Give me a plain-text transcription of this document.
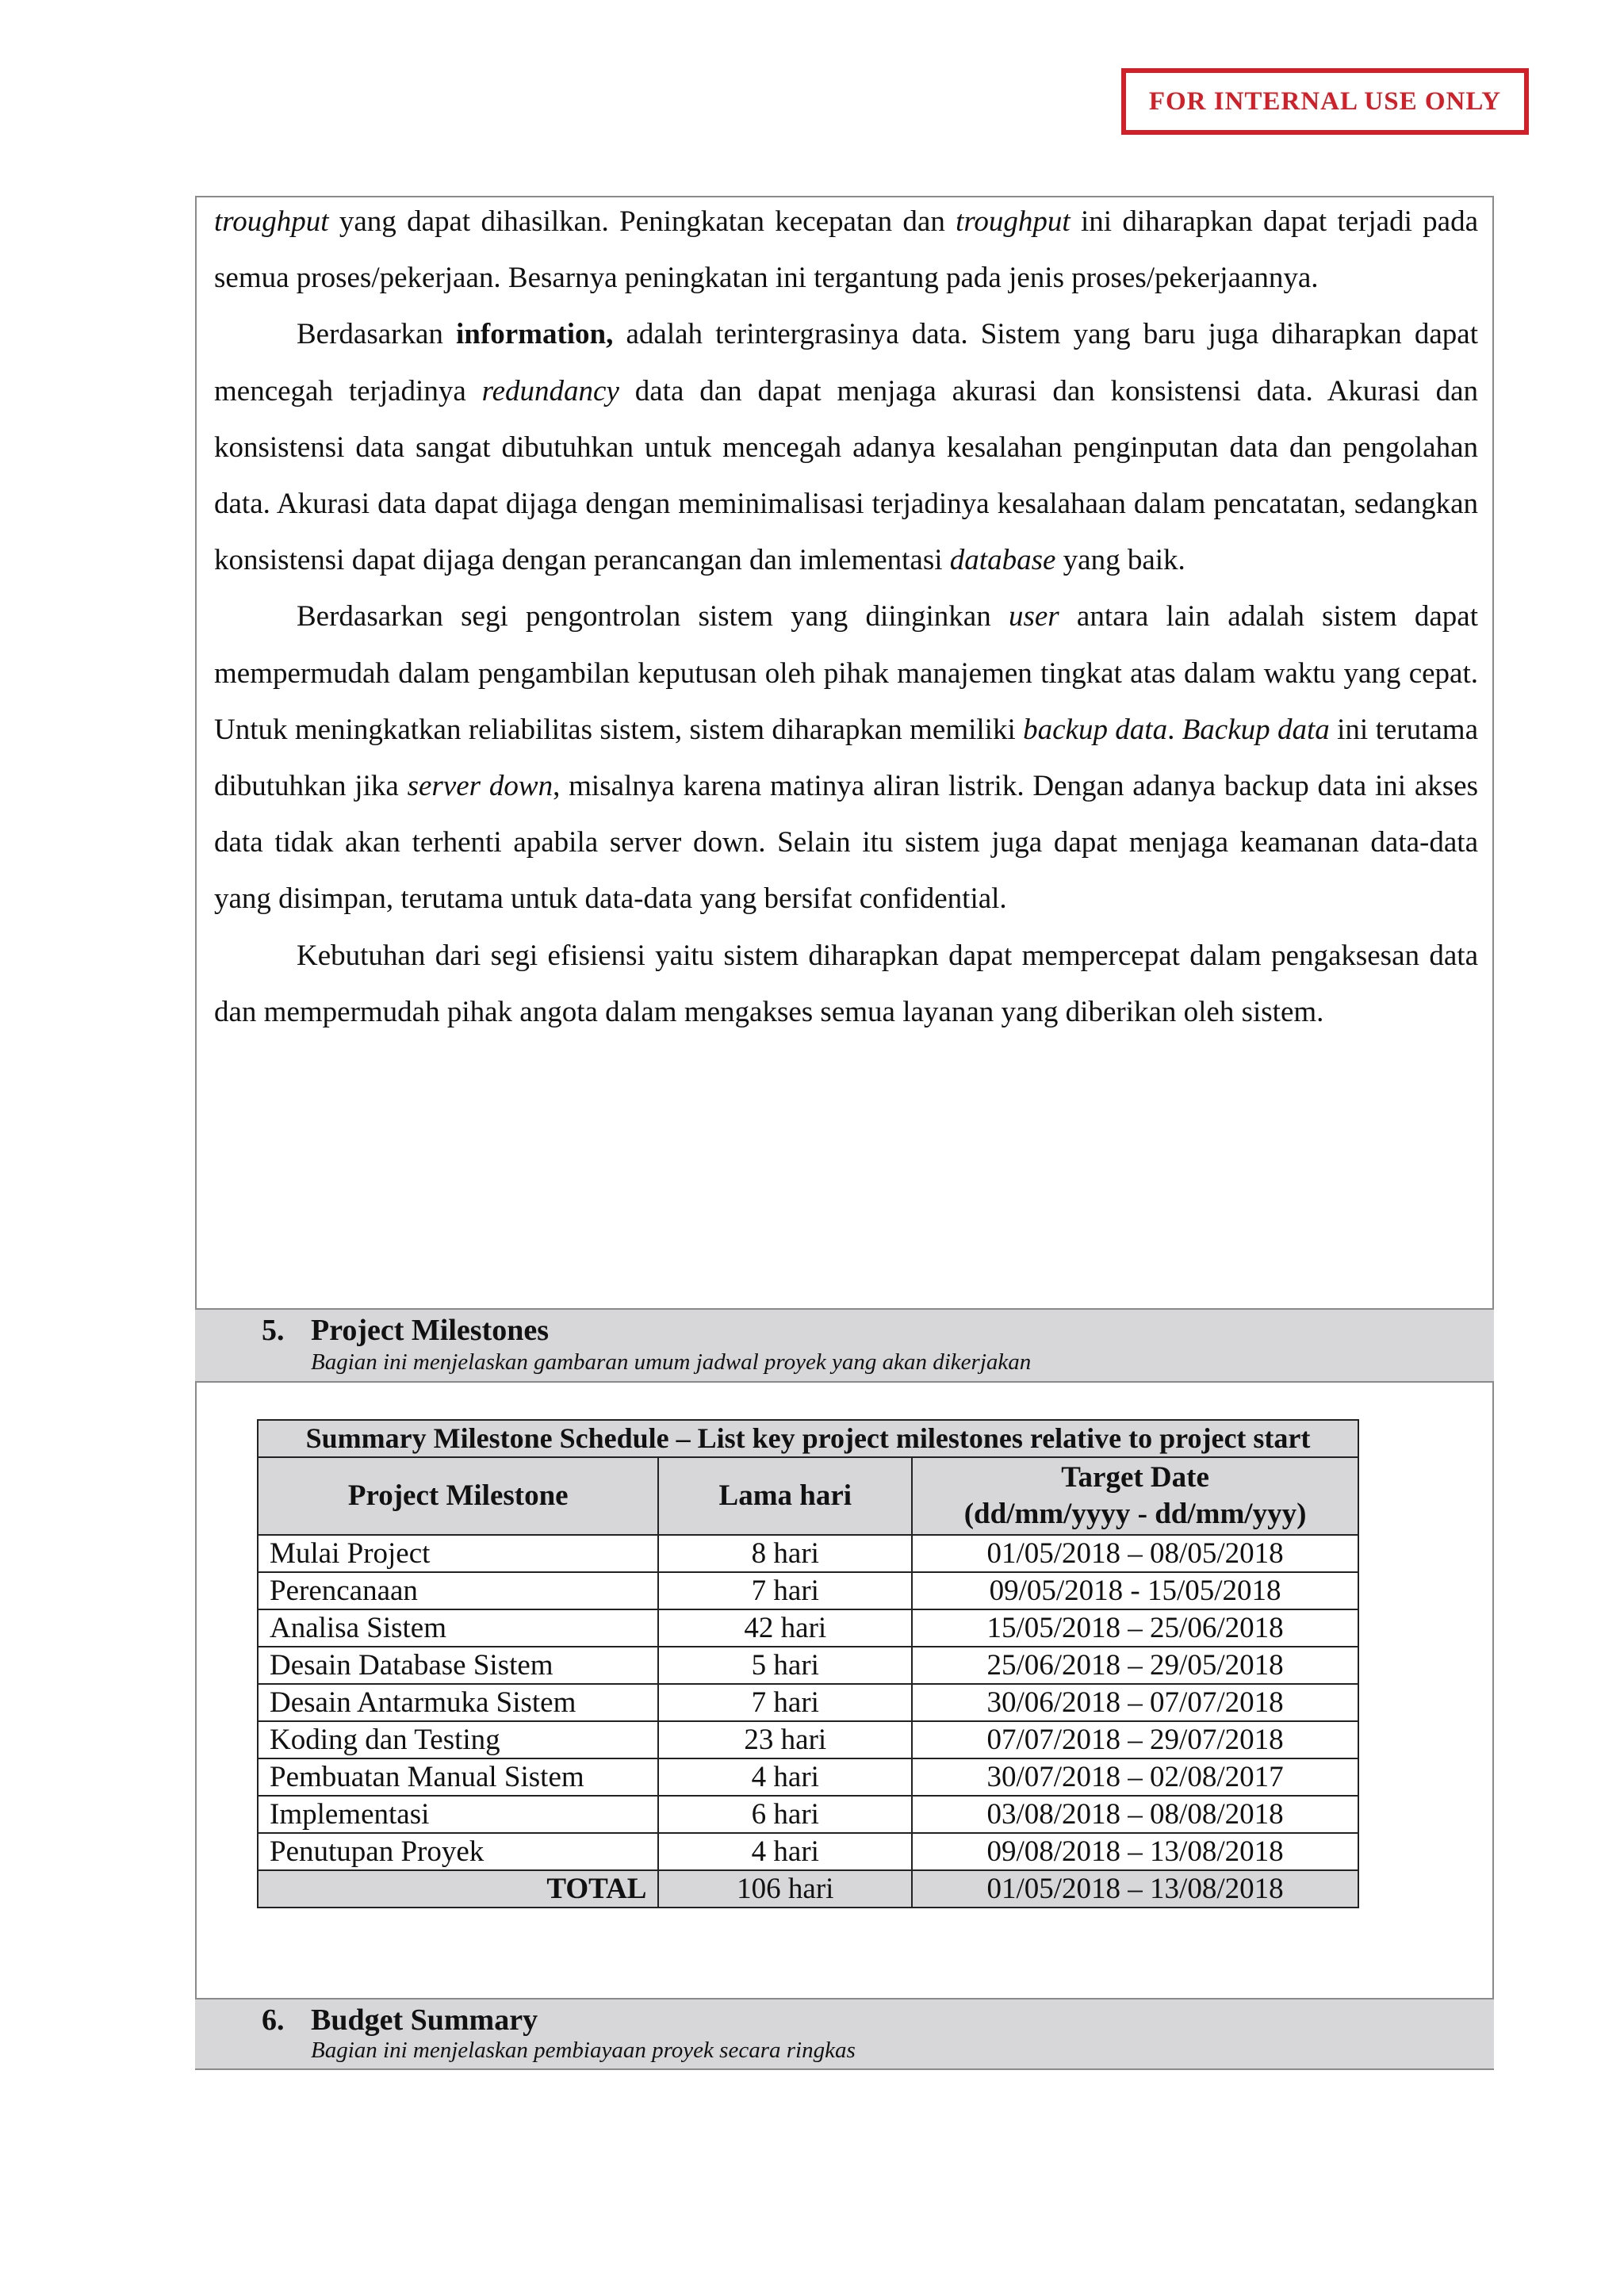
FOR INTERNAL USE ONLY

troughput yang dapat dihasilkan. Peningkatan kecepatan dan troughput ini diharapkan dapat terjadi pada semua proses/pekerjaan. Besarnya peningkatan ini tergantung pada jenis proses/pekerjaannya.

Berdasarkan information, adalah terintergrasinya data. Sistem yang baru juga diharapkan dapat mencegah terjadinya redundancy data dan dapat menjaga akurasi dan konsistensi data. Akurasi dan konsistensi data sangat dibutuhkan untuk mencegah adanya kesalahan penginputan data dan pengolahan data. Akurasi data dapat dijaga dengan meminimalisasi terjadinya kesalahaan dalam pencatatan, sedangkan konsistensi dapat dijaga dengan perancangan dan imlementasi database yang baik.

Berdasarkan segi pengontrolan sistem yang diinginkan user antara lain adalah sistem dapat mempermudah dalam pengambilan keputusan oleh pihak manajemen tingkat atas dalam waktu yang cepat. Untuk meningkatkan reliabilitas sistem, sistem diharapkan memiliki backup data. Backup data ini terutama dibutuhkan jika server down, misalnya karena matinya aliran listrik. Dengan adanya backup data ini akses data tidak akan terhenti apabila server down. Selain itu sistem juga dapat menjaga keamanan data-data yang disimpan, terutama untuk data-data yang bersifat confidential.

Kebutuhan dari segi efisiensi yaitu sistem diharapkan dapat mempercepat dalam pengaksesan data dan mempermudah pihak angota dalam mengakses semua layanan yang diberikan oleh sistem.

5. Project Milestones
Bagian ini menjelaskan gambaran umum jadwal proyek yang akan dikerjakan
Summary Milestone Schedule – List key project milestones relative to project start		
Project Milestone	Lama hari	Target Date
(dd/mm/yyyy - dd/mm/yyy)

Mulai Project	8 hari	01/05/2018 – 08/05/2018
Perencanaan	7 hari	09/05/2018 - 15/05/2018
Analisa Sistem	42 hari	15/05/2018 – 25/06/2018
Desain Database Sistem	5 hari	25/06/2018 – 29/05/2018
Desain Antarmuka Sistem	7 hari	30/06/2018 – 07/07/2018
Koding dan Testing	23 hari	07/07/2018 – 29/07/2018
Pembuatan Manual Sistem	4 hari	30/07/2018 – 02/08/2017
Implementasi	6 hari	03/08/2018 – 08/08/2018
Penutupan Proyek	4 hari	09/08/2018 – 13/08/2018
TOTAL	106 hari	01/05/2018 – 13/08/2018
6. Budget Summary
Bagian ini menjelaskan pembiayaan proyek secara ringkas
